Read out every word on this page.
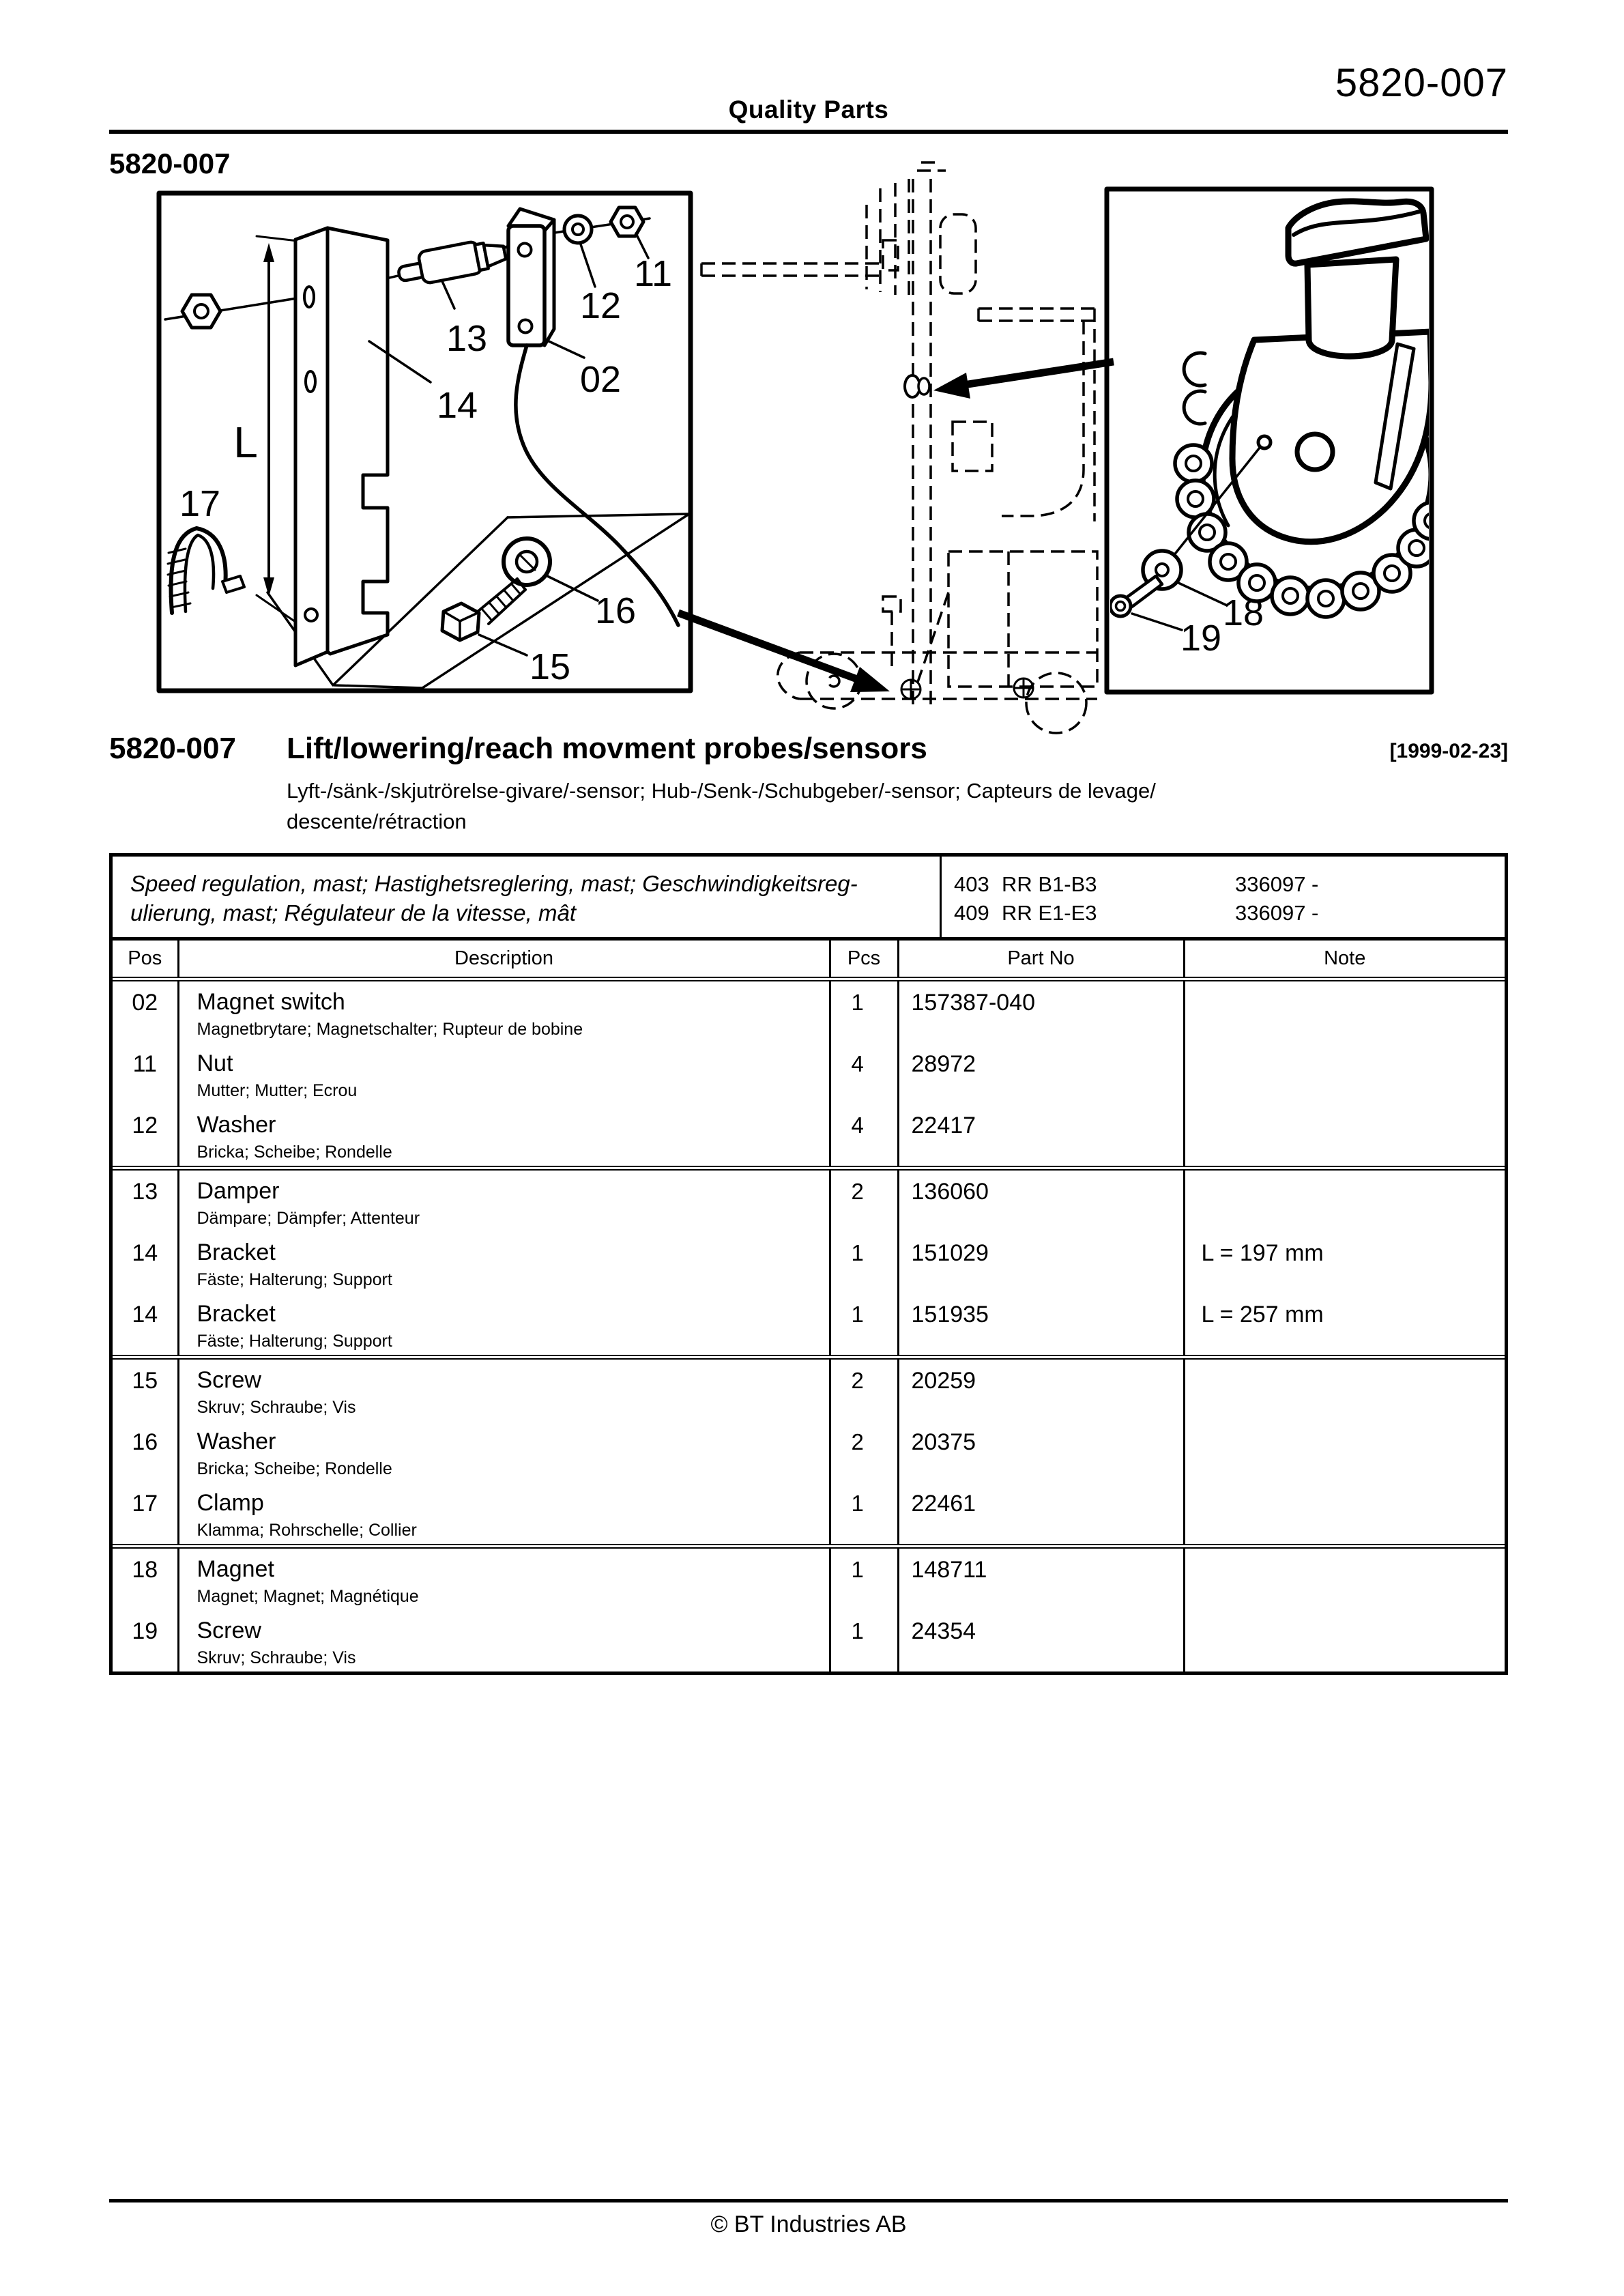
13
14
12
11
02
16
15
17
L
18
19
Quality Parts
5820-007
5820-007
5820-007 Lift/lowering/reach movment probes/sensors	[1999-02-23]
Lyft-/sänk-/skjutrörelse-givare/-sensor; Hub-/Senk-/Schubgeber/-sensor; Capteurs de levage/
descente/rétraction
Speed regulation, mast; Hastighetsreglering, mast; Geschwindigkeitsreg-
ulierung, mast; Régulateur de la vitesse, mât
403 RR B1-B3	336097 -
409 RR E1-E3	336097 -
Pos	Description	Pcs	Part No	Note
02	Magnet switch
Magnetbrytare; Magnetschalter; Rupteur de bobine	1	157387-040	
11	Nut
Mutter; Mutter; Ecrou	4	28972	
12	Washer
Bricka; Scheibe; Rondelle	4	22417	
13	Damper
Dämpare; Dämpfer; Attenteur	2	136060	
14	Bracket
Fäste; Halterung; Support	1	151029	L = 197 mm
14	Bracket
Fäste; Halterung; Support	1	151935	L = 257 mm
15	Screw
Skruv; Schraube; Vis	2	20259	
16	Washer
Bricka; Scheibe; Rondelle	2	20375	
17	Clamp
Klamma; Rohrschelle; Collier	1	22461	
18	Magnet
Magnet; Magnet; Magnétique	1	148711	
19	Screw
Skruv; Schraube; Vis	1	24354	
© BT Industries AB
